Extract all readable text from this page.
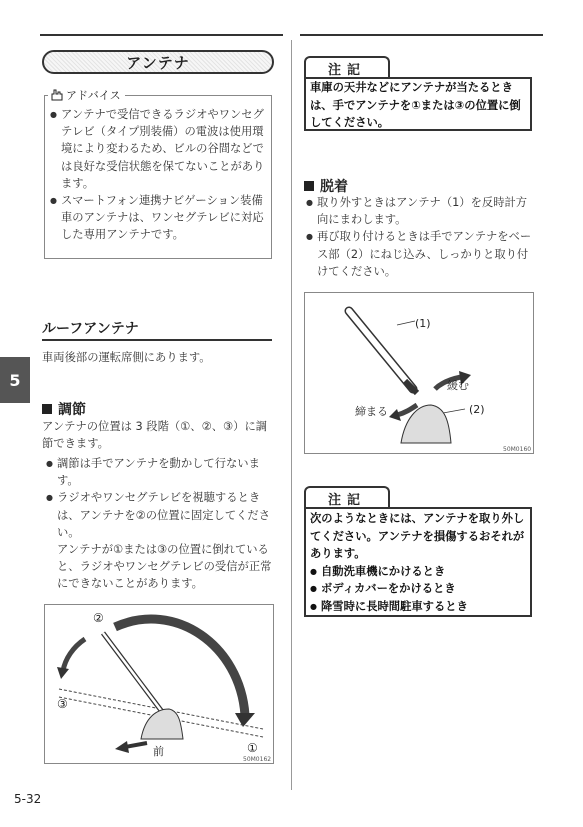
アンテナ
アドバイス
● アンテナで受信できるラジオやワンセグテレビ（タイプ別装備）の電波は使用環境により変わるため、ビルの谷間などでは良好な受信状態を保てないことがあります。
● スマートフォン連携ナビゲーション装備車のアンテナは、ワンセグテレビに対応した専用アンテナです。
ルーフアンテナ
車両後部の運転席側にあります。
調節
アンテナの位置は 3 段階（①、②、③）に調節できます。
● 調節は手でアンテナを動かして行ないます。
● ラジオやワンセグテレビを視聴するときは、アンテナを②の位置に固定してください。
アンテナが①または③の位置に倒れていると、ラジオやワンセグテレビの受信が正常にできないことがあります。
②
③
①
前
50M0162
注記
車庫の天井などにアンテナが当たるときは、手でアンテナを①または③の位置に倒してください。
脱着
● 取り外すときはアンテナ（1）を反時計方向にまわします。
● 再び取り付けるときは手でアンテナをベース部（2）にねじ込み、しっかりと取り付けてください。
(1)
(2)
緩む
締まる
50M0160
注記
次のようなときには、アンテナを取り外してください。アンテナを損傷するおそれがあります。
● 自動洗車機にかけるとき
● ボディカバーをかけるとき
● 降雪時に長時間駐車するとき
5
5-32
